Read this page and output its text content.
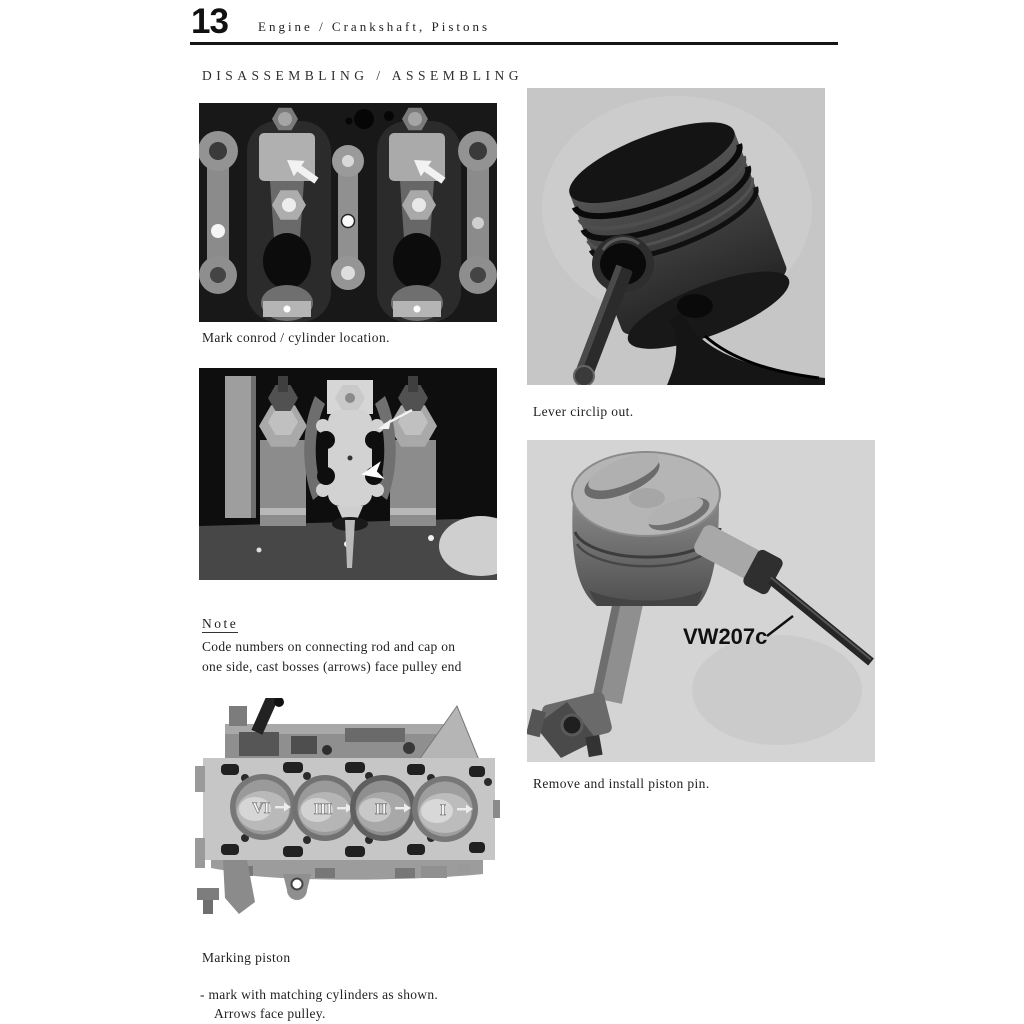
13 Engine / Crankshaft, Pistons
DISASSEMBLING / ASSEMBLING
Mark conrod / cylinder location.
Note
Code numbers on connecting rod and cap on
one side, cast bosses (arrows) face pulley end
VI	III	II	I
Marking piston
- mark with matching cylinders as shown.
Arrows face pulley.
Lever circlip out.
VW207c
Remove and install piston pin.
